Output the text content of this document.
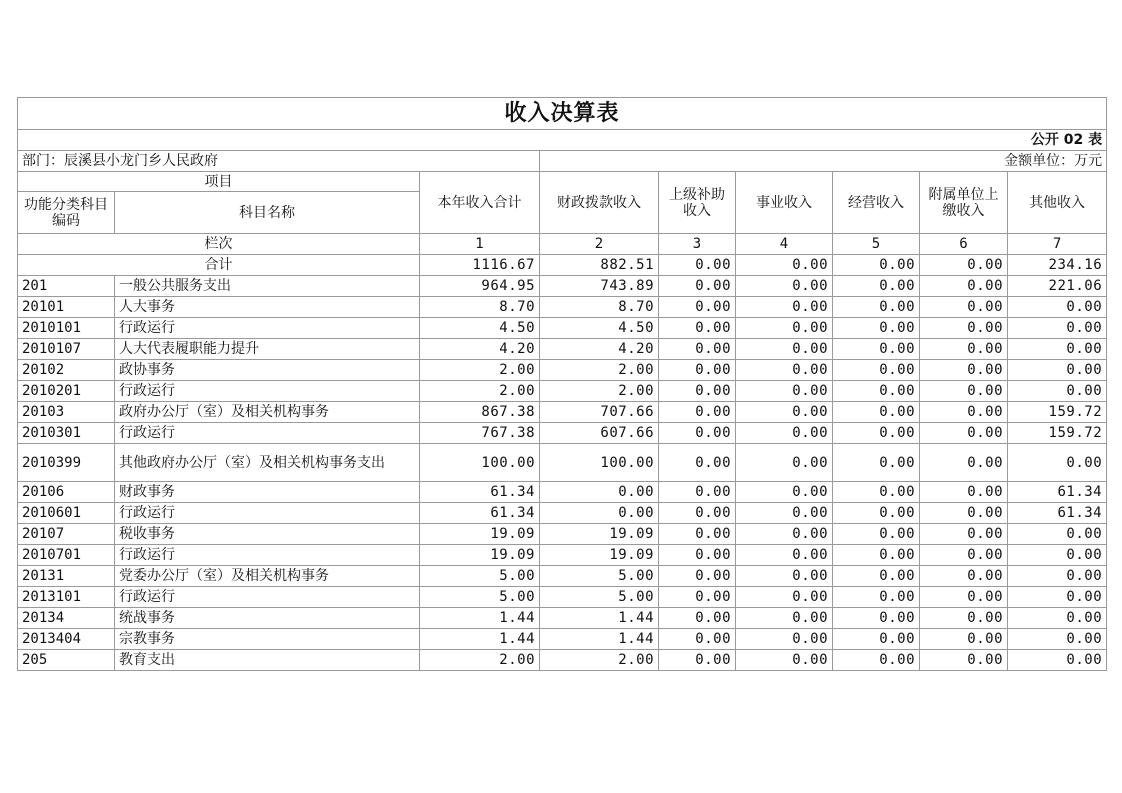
收入决算表								
公开 02 表								
部门：辰溪县小龙门乡人民政府			金额单位：万元					
项目		本年收入合计	财政拨款收入	上级补助收入	事业收入	经营收入	附属单位上缴收入	其他收入
功能分类科目编码	科目名称							
栏次		1	2	3	4	5	6	7
合计		1116.67	882.51	0.00	0.00	0.00	0.00	234.16
201	一般公共服务支出	964.95	743.89	0.00	0.00	0.00	0.00	221.06
20101	人大事务	8.70	8.70	0.00	0.00	0.00	0.00	0.00
2010101	行政运行	4.50	4.50	0.00	0.00	0.00	0.00	0.00
2010107	人大代表履职能力提升	4.20	4.20	0.00	0.00	0.00	0.00	0.00
20102	政协事务	2.00	2.00	0.00	0.00	0.00	0.00	0.00
2010201	行政运行	2.00	2.00	0.00	0.00	0.00	0.00	0.00
20103	政府办公厅（室）及相关机构事务	867.38	707.66	0.00	0.00	0.00	0.00	159.72
2010301	行政运行	767.38	607.66	0.00	0.00	0.00	0.00	159.72
2010399	其他政府办公厅（室）及相关机构事务支出	100.00	100.00	0.00	0.00	0.00	0.00	0.00
20106	财政事务	61.34	0.00	0.00	0.00	0.00	0.00	61.34
2010601	行政运行	61.34	0.00	0.00	0.00	0.00	0.00	61.34
20107	税收事务	19.09	19.09	0.00	0.00	0.00	0.00	0.00
2010701	行政运行	19.09	19.09	0.00	0.00	0.00	0.00	0.00
20131	党委办公厅（室）及相关机构事务	5.00	5.00	0.00	0.00	0.00	0.00	0.00
2013101	行政运行	5.00	5.00	0.00	0.00	0.00	0.00	0.00
20134	统战事务	1.44	1.44	0.00	0.00	0.00	0.00	0.00
2013404	宗教事务	1.44	1.44	0.00	0.00	0.00	0.00	0.00
205	教育支出	2.00	2.00	0.00	0.00	0.00	0.00	0.00
